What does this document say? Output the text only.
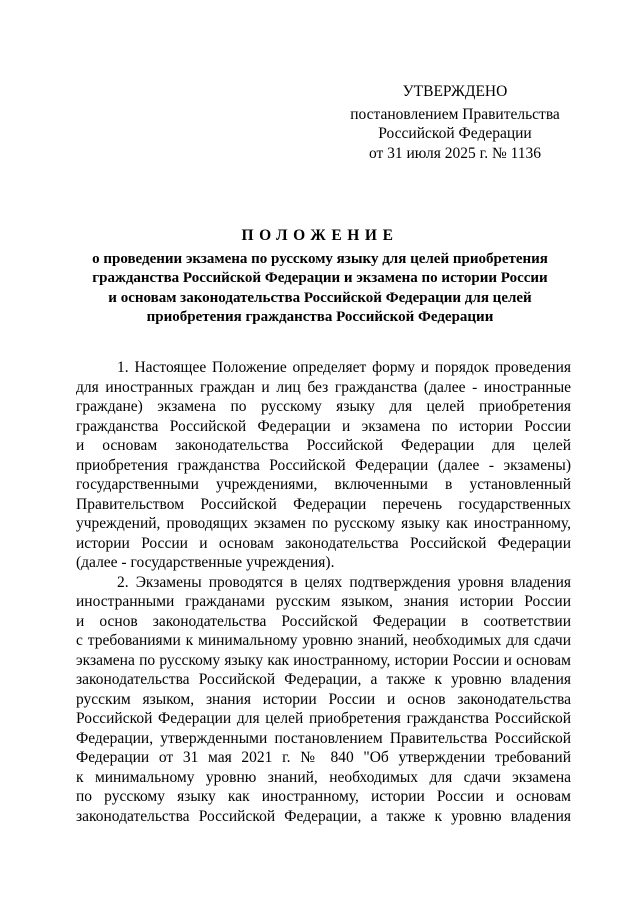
УТВЕРЖДЕНО
постановлением Правительства
Российской Федерации
от 31 июля 2025 г. № 1136
ПОЛОЖЕНИЕ
о проведении экзамена по русскому языку для целей приобретения
гражданства Российской Федерации и экзамена по истории России
и основам законодательства Российской Федерации для целей
приобретения гражданства Российской Федерации
1. Настоящее Положение определяет форму и порядок проведения
для иностранных граждан и лиц без гражданства (далее - иностранные
граждане) экзамена по русскому языку для целей приобретения
гражданства Российской Федерации и экзамена по истории России
и основам законодательства Российской Федерации для целей
приобретения гражданства Российской Федерации (далее - экзамены)
государственными учреждениями, включенными в установленный
Правительством Российской Федерации перечень государственных
учреждений, проводящих экзамен по русскому языку как иностранному,
истории России и основам законодательства Российской Федерации
(далее - государственные учреждения).
2. Экзамены проводятся в целях подтверждения уровня владения
иностранными гражданами русским языком, знания истории России
и основ законодательства Российской Федерации в соответствии
с требованиями к минимальному уровню знаний, необходимых для сдачи
экзамена по русскому языку как иностранному, истории России и основам
законодательства Российской Федерации, а также к уровню владения
русским языком, знания истории России и основ законодательства
Российской Федерации для целей приобретения гражданства Российской
Федерации, утвержденными постановлением Правительства Российской
Федерации от 31 мая 2021 г. № 840 "Об утверждении требований
к минимальному уровню знаний, необходимых для сдачи экзамена
по русскому языку как иностранному, истории России и основам
законодательства Российской Федерации, а также к уровню владения
